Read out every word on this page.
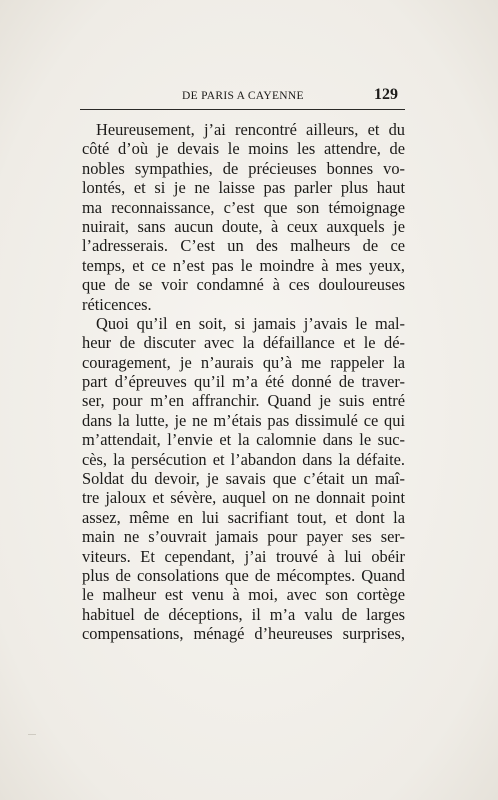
DE PARIS A CAYENNE	129
Heureusement, j’ai rencontré ailleurs, et du
côté d’où je devais le moins les attendre, de
nobles sympathies, de précieuses bonnes vo-
lontés, et si je ne laisse pas parler plus haut
ma reconnaissance, c’est que son témoignage
nuirait, sans aucun doute, à ceux auxquels je
l’adresserais. C’est un des malheurs de ce
temps, et ce n’est pas le moindre à mes yeux,
que de se voir condamné à ces douloureuses
réticences.
Quoi qu’il en soit, si jamais j’avais le mal-
heur de discuter avec la défaillance et le dé-
couragement, je n’aurais qu’à me rappeler la
part d’épreuves qu’il m’a été donné de traver-
ser, pour m’en affranchir. Quand je suis entré
dans la lutte, je ne m’étais pas dissimulé ce qui
m’attendait, l’envie et la calomnie dans le suc-
cès, la persécution et l’abandon dans la défaite.
Soldat du devoir, je savais que c’était un maî-
tre jaloux et sévère, auquel on ne donnait point
assez, même en lui sacrifiant tout, et dont la
main ne s’ouvrait jamais pour payer ses ser-
viteurs. Et cependant, j’ai trouvé à lui obéir
plus de consolations que de mécomptes. Quand
le malheur est venu à moi, avec son cortège
habituel de déceptions, il m’a valu de larges
compensations, ménagé d’heureuses surprises,
